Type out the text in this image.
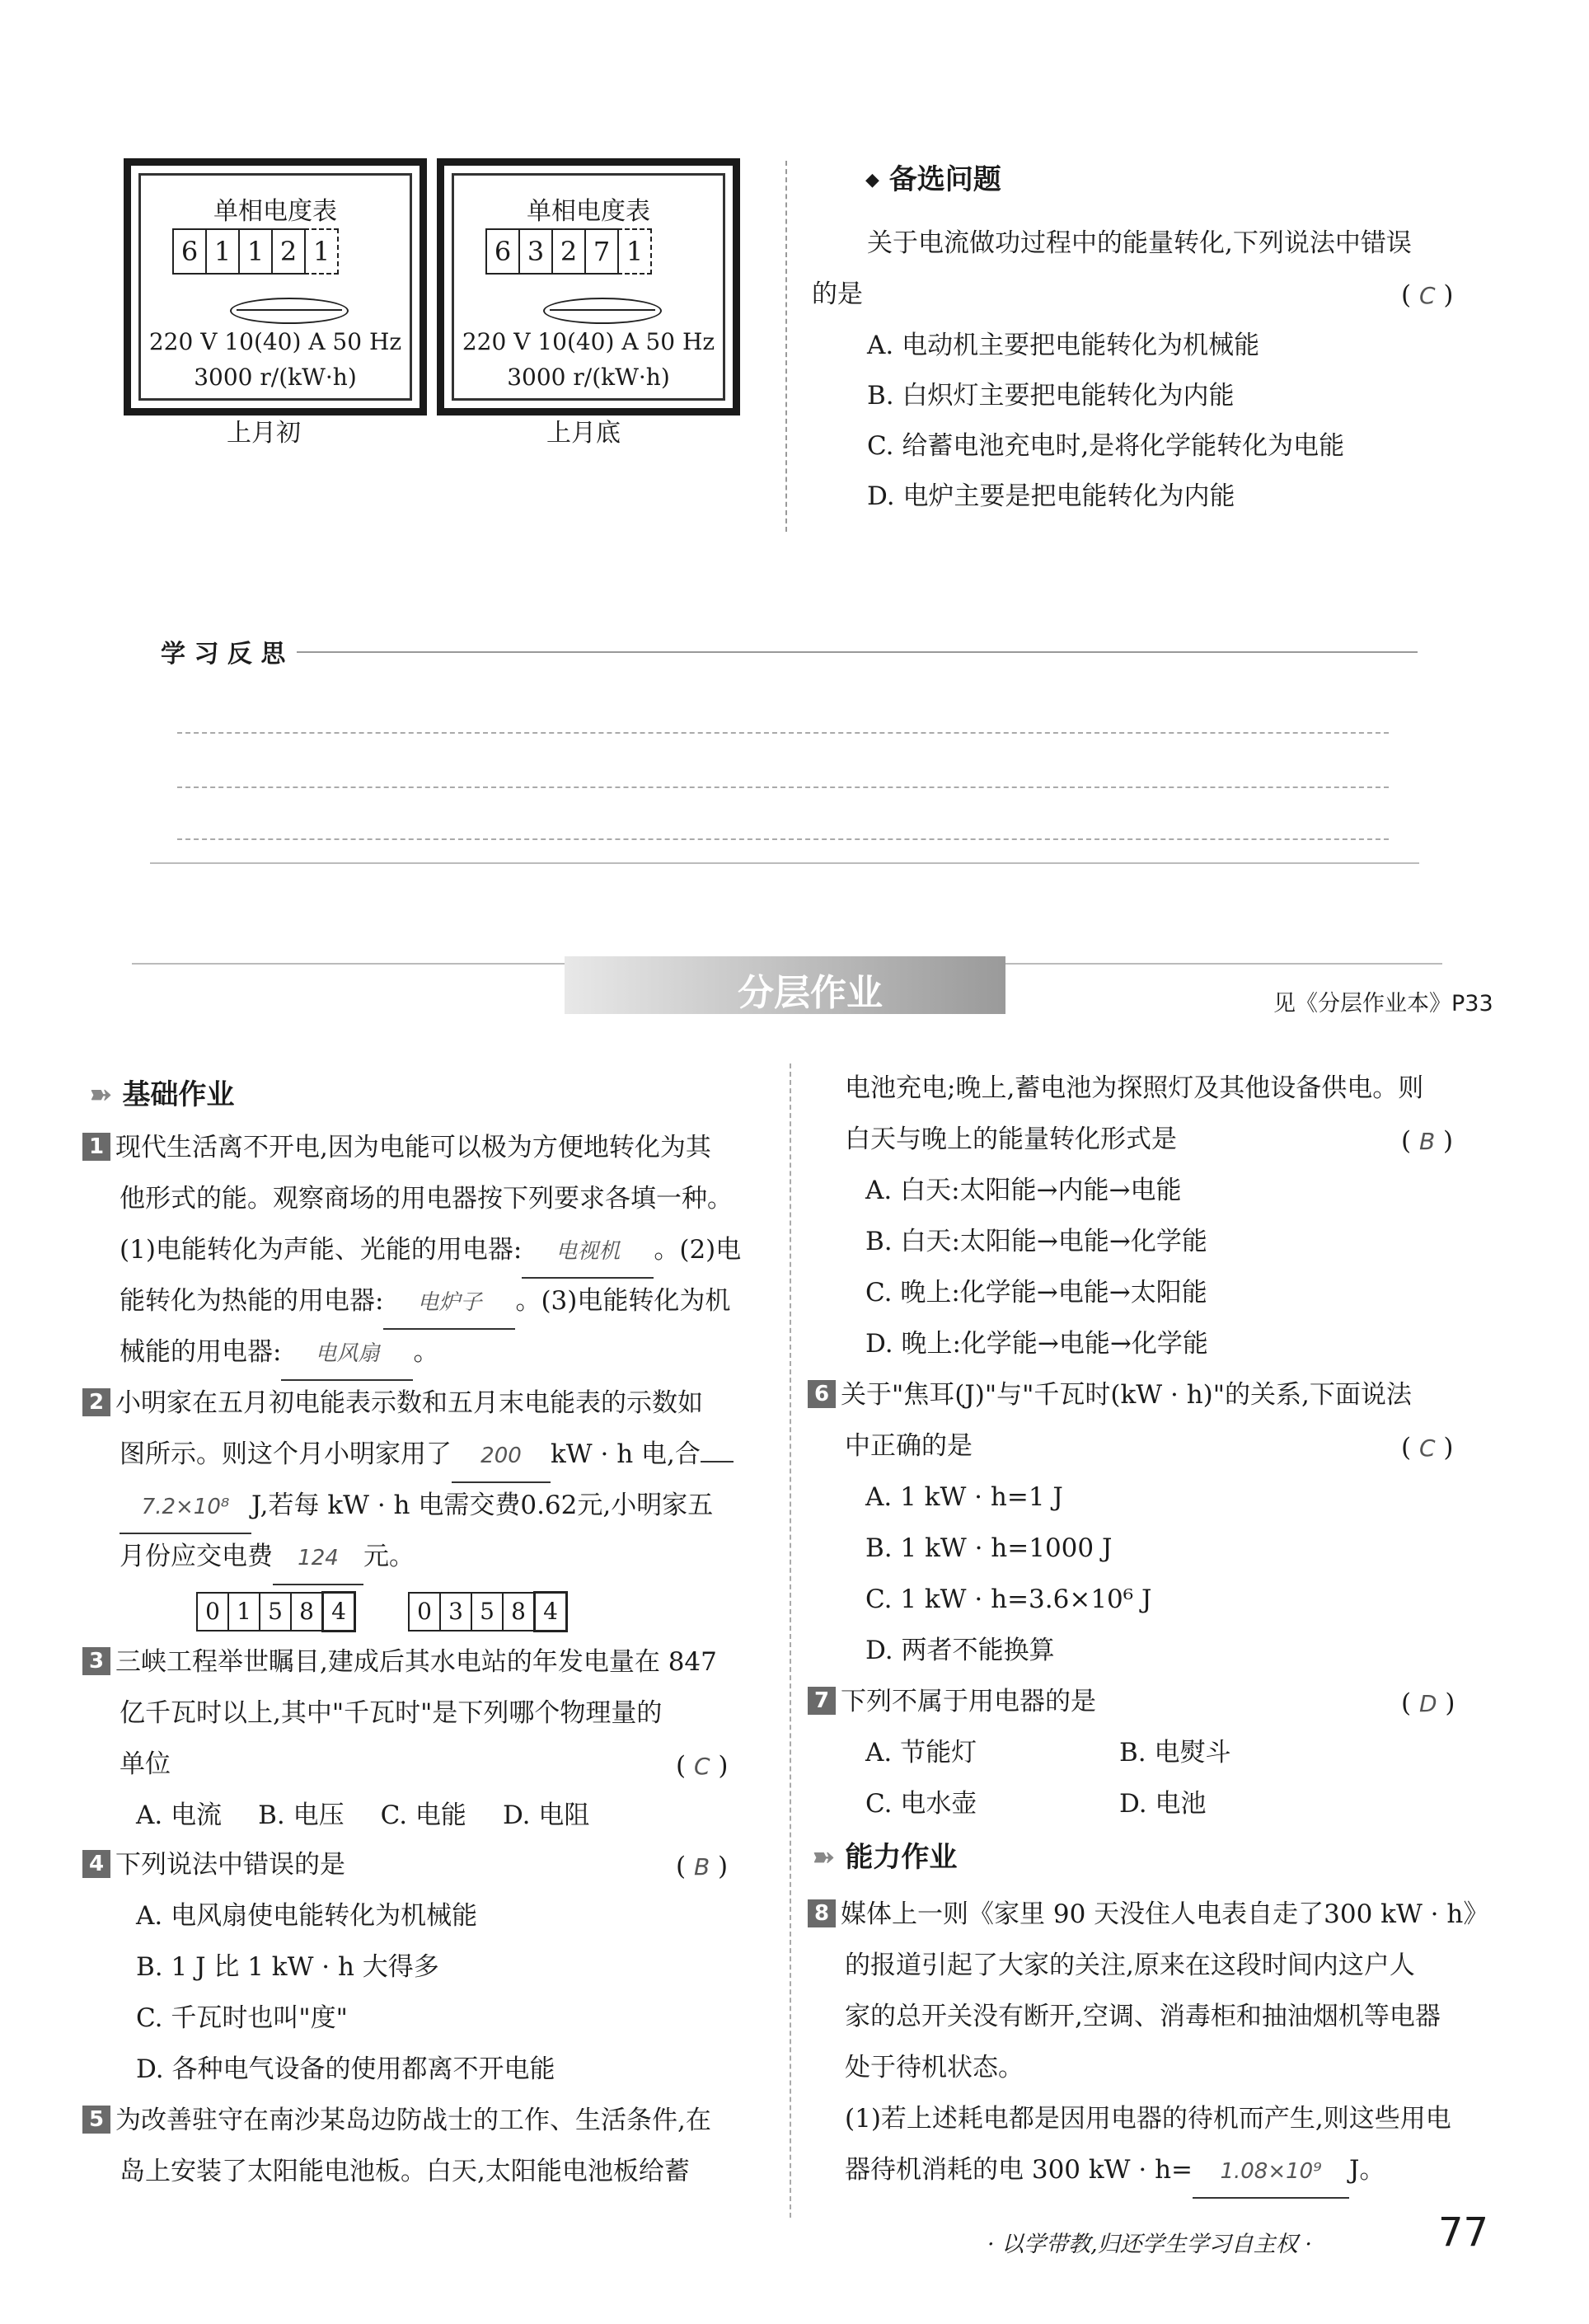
单相电度表
6 1 1 2 1
220 V 10(40) A 50 Hz
3000 r/(kW·h)
上月初
单相电度表
6 3 2 7 1
220 V 10(40) A 50 Hz
3000 r/(kW·h)
上月底
◆ 备选问题
关于电流做功过程中的能量转化,下列说法中错误
的是	( C )
A. 电动机主要把电能转化为机械能
B. 白炽灯主要把电能转化为内能
C. 给蓄电池充电时,是将化学能转化为电能
D. 电炉主要是把电能转化为内能
学 习 反 思
分层作业	见《分层作业本》P33
➽ 基础作业
1 现代生活离不开电,因为电能可以极为方便地转化为其
他形式的能。观察商场的用电器按下列要求各填一种。
(1)电能转化为声能、光能的用电器: 电视机 。(2)电
能转化为热能的用电器: 电炉子 。(3)电能转化为机
械能的用电器: 电风扇 。
2 小明家在五月初电能表示数和五月末电能表的示数如
图所示。则这个月小明家用了 200 kW · h 电,合
7.2×10⁸ J,若每 kW · h 电需交费0.62元,小明家五
月份应交电费 124 元。
0 1 5 8 4	0 3 5 8 4
3 三峡工程举世瞩目,建成后其水电站的年发电量在 847
亿千瓦时以上,其中"千瓦时"是下列哪个物理量的
单位	( C )
A. 电流 B. 电压 C. 电能 D. 电阻
4 下列说法中错误的是	( B )
A. 电风扇使电能转化为机械能
B. 1 J 比 1 kW · h 大得多
C. 千瓦时也叫"度"
D. 各种电气设备的使用都离不开电能
5 为改善驻守在南沙某岛边防战士的工作、生活条件,在
岛上安装了太阳能电池板。白天,太阳能电池板给蓄
电池充电;晚上,蓄电池为探照灯及其他设备供电。则
白天与晚上的能量转化形式是	( B )
A. 白天:太阳能→内能→电能
B. 白天:太阳能→电能→化学能
C. 晚上:化学能→电能→太阳能
D. 晚上:化学能→电能→化学能
6 关于"焦耳(J)"与"千瓦时(kW · h)"的关系,下面说法
中正确的是	( C )
A. 1 kW · h=1 J
B. 1 kW · h=1000 J
C. 1 kW · h=3.6×10⁶ J
D. 两者不能换算
7 下列不属于用电器的是	( D )
A. 节能灯	B. 电熨斗
C. 电水壶	D. 电池
➽ 能力作业
8 媒体上一则《家里 90 天没住人电表自走了300 kW · h》
的报道引起了大家的关注,原来在这段时间内这户人
家的总开关没有断开,空调、消毒柜和抽油烟机等电器
处于待机状态。
(1)若上述耗电都是因用电器的待机而产生,则这些用电
器待机消耗的电 300 kW · h= 1.08×10⁹ J。
· 以学带教,归还学生学习自主权 ·	77
